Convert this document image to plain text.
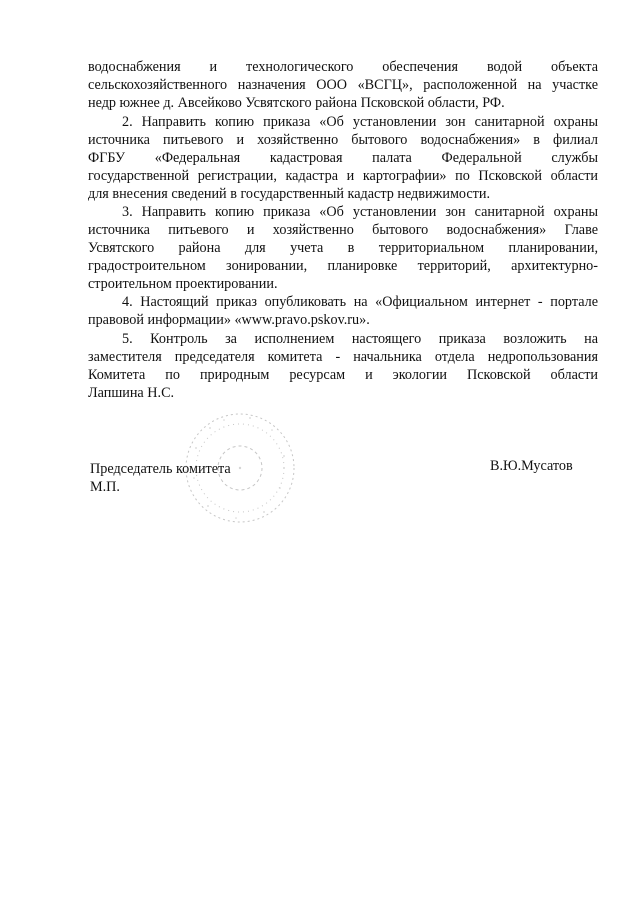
водоснабжения и технологического обеспечения водой объекта
сельскохозяйственного назначения ООО «ВСГЦ», расположенной на участке
недр южнее д. Авсейково Усвятского района Псковской области, РФ.
2. Направить копию приказа «Об установлении зон санитарной охраны
источника питьевого и хозяйственно бытового водоснабжения» в филиал
ФГБУ «Федеральная кадастровая палата Федеральной службы
государственной регистрации, кадастра и картографии» по Псковской области
для внесения сведений в государственный кадастр недвижимости.
3. Направить копию приказа «Об установлении зон санитарной охраны
источника питьевого и хозяйственно бытового водоснабжения» Главе
Усвятского района для учета в территориальном планировании,
градостроительном зонировании, планировке территорий, архитектурно-
строительном проектировании.
4. Настоящий приказ опубликовать на «Официальном интернет - портале
правовой информации» «www.pravo.pskov.ru».
5. Контроль за исполнением настоящего приказа возложить на
заместителя председателя комитета - начальника отдела недропользования
Комитета по природным ресурсам и экологии Псковской области
Лапшина Н.С.
Председатель комитета
М.П.
В.Ю.Мусатов
